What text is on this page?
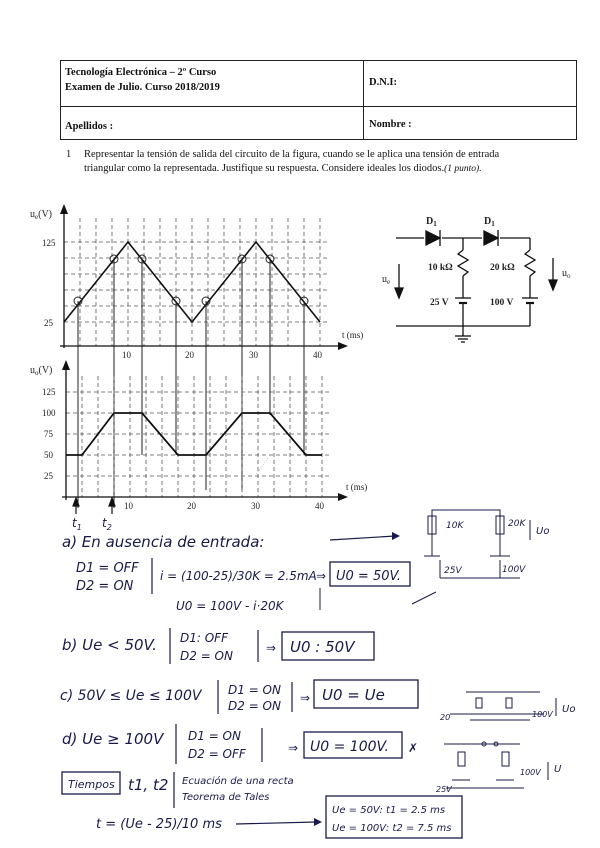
Tecnología Electrónica – 2º Curso
Examen de Julio. Curso 2018/2019	D.N.I:
Apellidos :	Nombre :
1 Representar la tensión de salida del circuito de la figura, cuando se le aplica una tensión de entrada triangular como la representada. Justifique su respuesta. Considere ideales los diodos.(1 punto).
$u_e(V)$
125
25
t (ms)
10	20	30	40
·········
$u_o(V)$
125
100
75
50
25
t (ms)
10	20	30	40
$t_1$ $t_2$
$D_1$	$D_1$
10 kΩ	20 kΩ
25 V	100 V
$u_e$
$u_o$
a) En ausencia de entrada:
D1 = OFF
D2 = ON
i = (100-25)/30K = 2.5mA ⇒ U0 = 50V.
U0 = 100V - i·20K
10K	20K
25V	100V
Uo
b) Ue < 50V. D1: OFF
D2 = ON
⇒ U0 : 50V
c) 50V ≤ Ue ≤ 100V D1 = ON
D2 = ON
⇒ U0 = Ue
20	100V Uo
d) Ue ≥ 100V D1 = ON
D2 = OFF	⇒ U0 = 100V. ✗
25V
100V U
Tiempos t1, t2 Ecuación de una recta
Teorema de Tales
t = (Ue - 25)/10 ms
Ue = 50V: t1 = 2.5 ms
Ue = 100V: t2 = 7.5 ms
